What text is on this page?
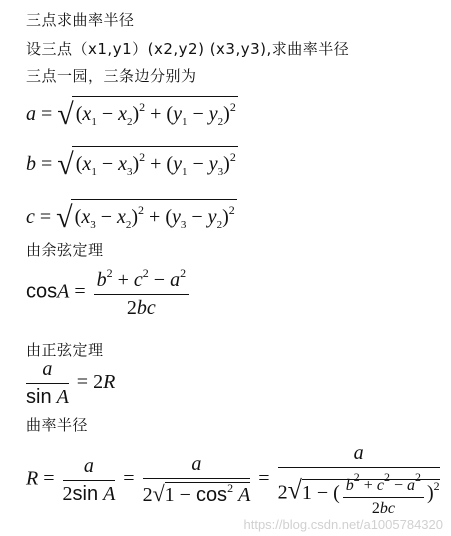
三点求曲率半径
设三点（x1,y1）(x2,y2) (x3,y3),求曲率半径
三点一园，三条边分别为
a = √ $(x_1 - x_2)^2 + (y_1 - y_2)^2$
b = √ $(x_1 - x_3)^2 + (y_1 - y_3)^2$
c = √ $(x_3 - x_2)^2 + (y_3 - y_2)^2$
由余弦定理
$\cos A = \frac{b^2 + c^2 - a^2}{2bc}$
由正弦定理
$\frac{a}{\text{sin A}} = 2R$
曲率半径
$R = \frac{a}{\text{2sin A}} = \frac{a}{2√1 - \cos^2 A} = \frac{a}{2√1 - ( \frac{b^2 + c^2 - a^2}{2bc} )^2}$
https://blog.csdn.net/a1005784320
